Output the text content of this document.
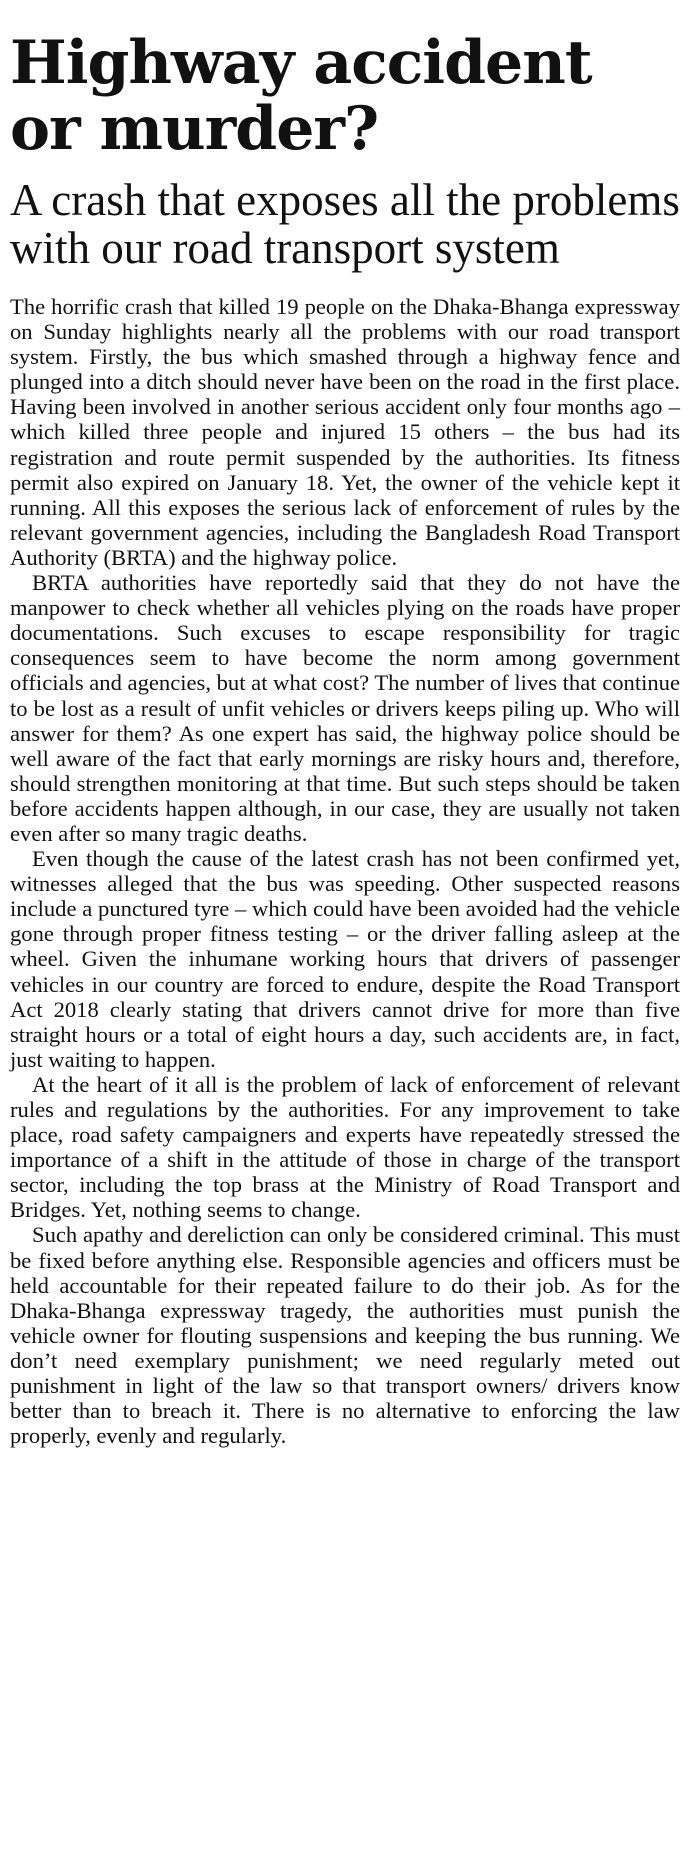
Highway accident or murder?
A crash that exposes all the problems with our road transport system

The horrific crash that killed 19 people on the Dhaka-Bhanga expressway on Sunday highlights nearly all the problems with our road transport system. Firstly, the bus which smashed through a highway fence and plunged into a ditch should never have been on the road in the first place. Having been involved in another serious accident only four months ago – which killed three people and injured 15 others – the bus had its registration and route permit suspended by the authorities. Its fitness permit also expired on January 18. Yet, the owner of the vehicle kept it running. All this exposes the serious lack of enforcement of rules by the relevant government agencies, including the Bangladesh Road Transport Authority (BRTA) and the highway police.

BRTA authorities have reportedly said that they do not have the manpower to check whether all vehicles plying on the roads have proper documentations. Such excuses to escape responsibility for tragic consequences seem to have become the norm among government officials and agencies, but at what cost? The number of lives that continue to be lost as a result of unfit vehicles or drivers keeps piling up. Who will answer for them? As one expert has said, the highway police should be well aware of the fact that early mornings are risky hours and, therefore, should strengthen monitoring at that time. But such steps should be taken before accidents happen although, in our case, they are usually not taken even after so many tragic deaths.

Even though the cause of the latest crash has not been confirmed yet, witnesses alleged that the bus was speeding. Other suspected reasons include a punctured tyre – which could have been avoided had the vehicle gone through proper fitness testing – or the driver falling asleep at the wheel. Given the inhumane working hours that drivers of passenger vehicles in our country are forced to endure, despite the Road Transport Act 2018 clearly stating that drivers cannot drive for more than five straight hours or a total of eight hours a day, such accidents are, in fact, just waiting to happen.

At the heart of it all is the problem of lack of enforcement of relevant rules and regulations by the authorities. For any improvement to take place, road safety campaigners and experts have repeatedly stressed the importance of a shift in the attitude of those in charge of the transport sector, including the top brass at the Ministry of Road Transport and Bridges. Yet, nothing seems to change.

Such apathy and dereliction can only be considered criminal. This must be fixed before anything else. Responsible agencies and officers must be held accountable for their repeated failure to do their job. As for the Dhaka-Bhanga expressway tragedy, the authorities must punish the vehicle owner for flouting suspensions and keeping the bus running. We don’t need exemplary punishment; we need regularly meted out punishment in light of the law so that transport owners/ drivers know better than to breach it. There is no alternative to enforcing the law properly, evenly and regularly.
